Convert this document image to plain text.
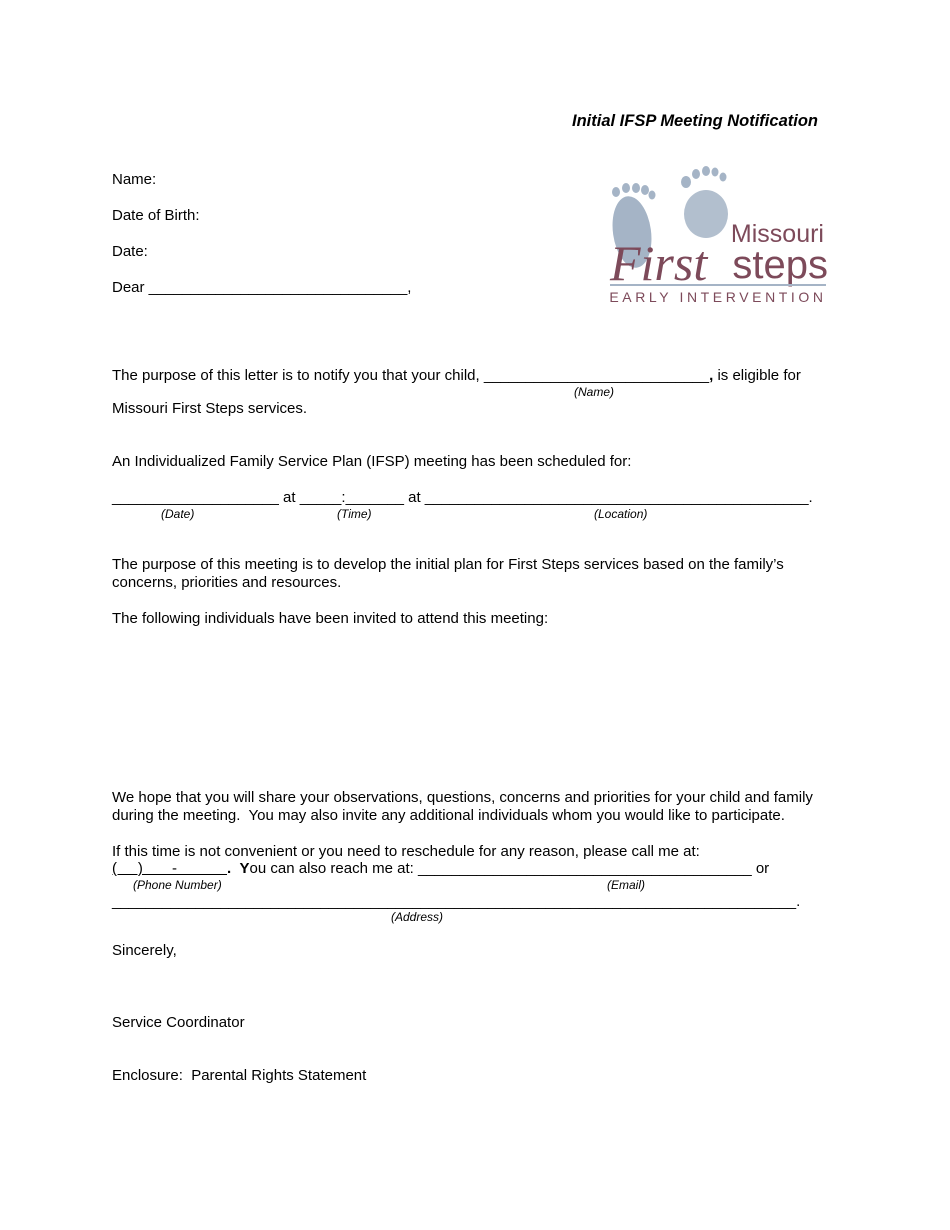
Initial IFSP Meeting Notification
Missouri
First steps
EARLY INTERVENTION
Name:
Date of Birth:
Date:
Dear _______________________________,
The purpose of this letter is to notify you that your child, ___________________________, is eligible for
(Name)
Missouri First Steps services.
An Individualized Family Service Plan (IFSP) meeting has been scheduled for:
____________________ at _____:_______ at ______________________________________________.
(Date)	(Time)	(Location)
The purpose of this meeting is to develop the initial plan for First Steps services based on the family’s
concerns, priorities and resources.
The following individuals have been invited to attend this meeting:
We hope that you will share your observations, questions, concerns and priorities for your child and family
during the meeting.  You may also invite any additional individuals whom you would like to participate.
If this time is not convenient or you need to reschedule for any reason, please call me at:
(     )       -            . You can also reach me at: ________________________________________ or
(Phone Number)	(Email)
__________________________________________________________________________________.
(Address)
Sincerely,
Service Coordinator
Enclosure:  Parental Rights Statement
